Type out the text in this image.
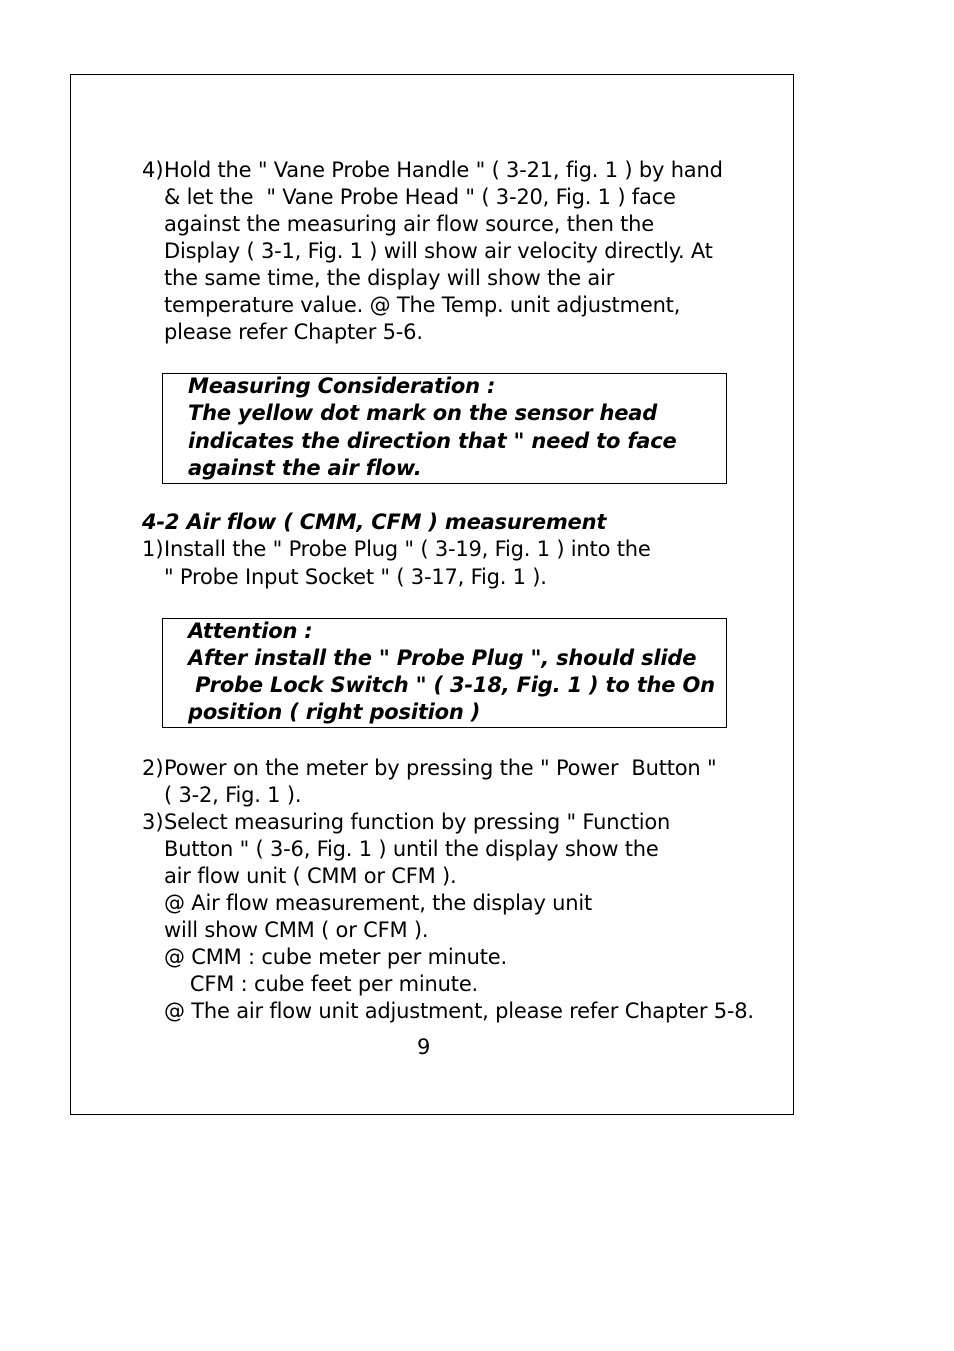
4) Hold the " Vane Probe Handle " ( 3-21, fig. 1 ) by hand
& let the  " Vane Probe Head " ( 3-20, Fig. 1 ) face
against the measuring air flow source, then the
Display ( 3-1, Fig. 1 ) will show air velocity directly. At
the same time, the display will show the air
temperature value. @ The Temp. unit adjustment,
please refer Chapter 5-6.
Measuring Consideration :
The yellow dot mark on the sensor head
indicates the direction that " need to face
against the air flow.
4-2 Air flow ( CMM, CFM ) measurement
1) Install the " Probe Plug " ( 3-19, Fig. 1 ) into the
" Probe Input Socket " ( 3-17, Fig. 1 ).
Attention :
After install the " Probe Plug ", should slide
Probe Lock Switch " ( 3-18, Fig. 1 ) to the On
position ( right position )
2) Power on the meter by pressing the " Power  Button "
( 3-2, Fig. 1 ).
3) Select measuring function by pressing " Function
Button " ( 3-6, Fig. 1 ) until the display show the
air flow unit ( CMM or CFM ).
@ Air flow measurement, the display unit
will show CMM ( or CFM ).
@ CMM : cube meter per minute.
CFM : cube feet per minute.
@ The air flow unit adjustment, please refer Chapter 5-8.
9
